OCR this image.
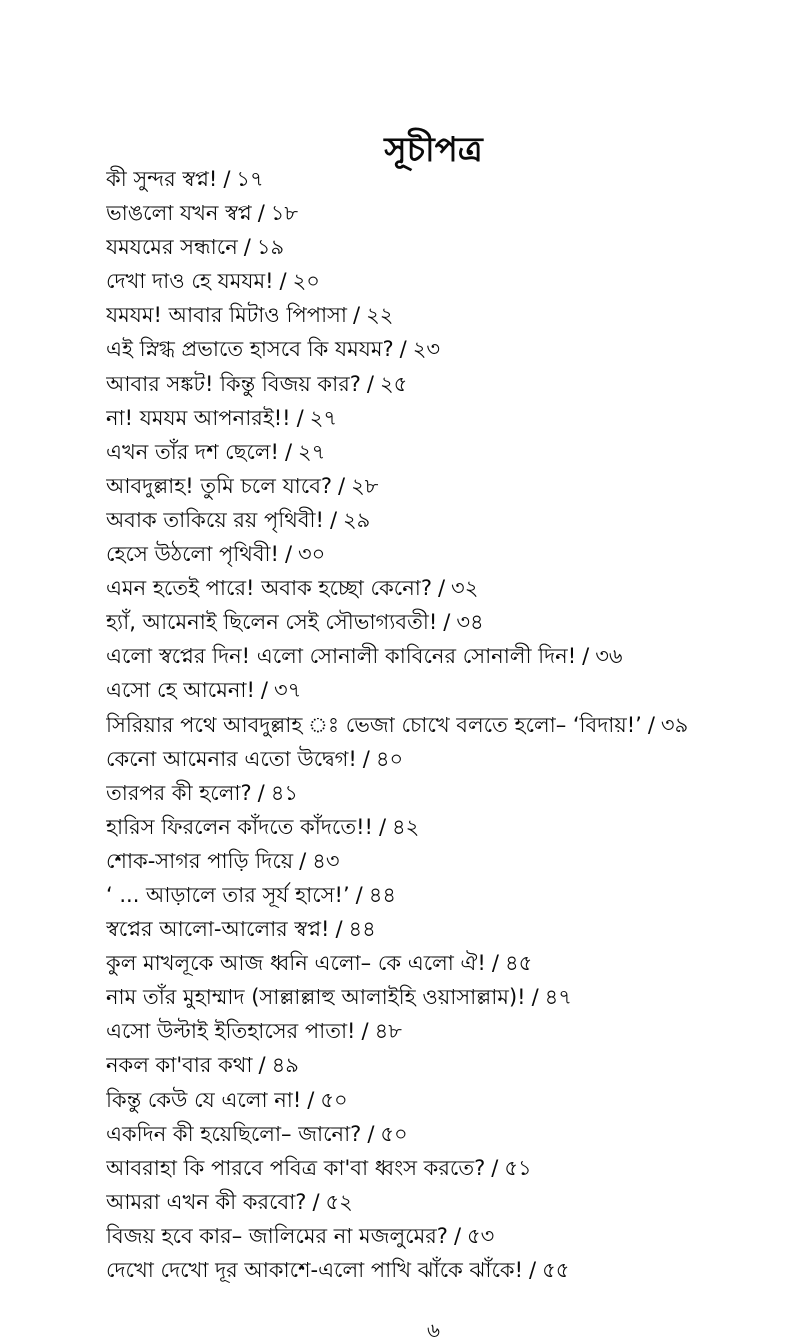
সূচীপত্র
কী সুন্দর স্বপ্ন! / ১৭
ভাঙলো যখন স্বপ্ন / ১৮
যমযমের সন্ধানে / ১৯
দেখা দাও হে যমযম! / ২০
যমযম! আবার মিটাও পিপাসা / ২২
এই স্নিগ্ধ প্রভাতে হাসবে কি যমযম? / ২৩
আবার সঙ্কট! কিন্তু বিজয় কার? / ২৫
না! যমযম আপনারই!! / ২৭
এখন তাঁর দশ ছেলে! / ২৭
আবদুল্লাহ! তুমি চলে যাবে? / ২৮
অবাক তাকিয়ে রয় পৃথিবী! / ২৯
হেসে উঠলো পৃথিবী! / ৩০
এমন হতেই পারে! অবাক হচ্ছো কেনো? / ৩২
হ্যাঁ, আমেনাই ছিলেন সেই সৌভাগ্যবতী! / ৩৪
এলো স্বপ্নের দিন! এলো সোনালী কাবিনের সোনালী দিন! / ৩৬
এসো হে আমেনা! / ৩৭
সিরিয়ার পথে আবদুল্লাহ ঃ ভেজা চোখে বলতে হলো– ‘বিদায়!’ / ৩৯
কেনো আমেনার এতো উদ্বেগ! / ৪০
তারপর কী হলো? / ৪১
হারিস ফিরলেন কাঁদতে কাঁদতে!! / ৪২
শোক-সাগর পাড়ি দিয়ে / ৪৩
‘ ... আড়ালে তার সূর্য হাসে!’ / ৪৪
স্বপ্নের আলো-আলোর স্বপ্ন! / ৪৪
কুল মাখলূকে আজ ধ্বনি এলো– কে এলো ঐ! / ৪৫
নাম তাঁর মুহাম্মাদ (সাল্লাল্লাহু আলাইহি ওয়াসাল্লাম)! / ৪৭
এসো উল্টাই ইতিহাসের পাতা! / ৪৮
নকল কা'বার কথা / ৪৯
কিন্তু কেউ যে এলো না! / ৫০
একদিন কী হয়েছিলো– জানো? / ৫০
আবরাহা কি পারবে পবিত্র কা'বা ধ্বংস করতে? / ৫১
আমরা এখন কী করবো? / ৫২
বিজয় হবে কার– জালিমের না মজলুমের? / ৫৩
দেখো দেখো দূর আকাশে-এলো পাখি ঝাঁকে ঝাঁকে! / ৫৫
৬
